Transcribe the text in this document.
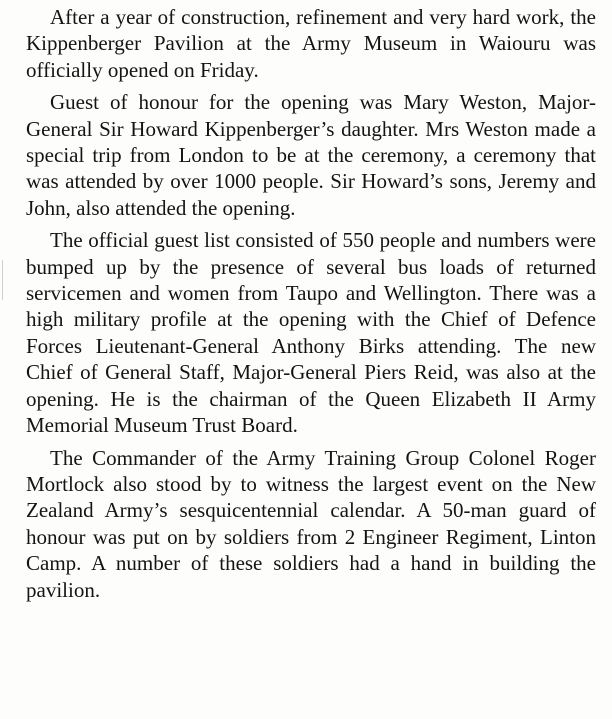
After a year of construction, refinement and very hard work, the Kippenberger Pavilion at the Army Museum in Waiouru was officially opened on Friday.

Guest of honour for the opening was Mary Weston, Major-General Sir Howard Kippenberger’s daughter. Mrs Weston made a special trip from London to be at the ceremony, a ceremony that was attended by over 1000 people. Sir Howard’s sons, Jeremy and John, also attended the opening.

The official guest list consisted of 550 people and numbers were bumped up by the presence of several bus loads of returned servicemen and women from Taupo and Wellington. There was a high military profile at the opening with the Chief of Defence Forces Lieutenant-General Anthony Birks attending. The new Chief of General Staff, Major-General Piers Reid, was also at the opening. He is the chairman of the Queen Elizabeth II Army Memorial Museum Trust Board.

The Commander of the Army Training Group Colonel Roger Mortlock also stood by to witness the largest event on the New Zealand Army’s sesquicentennial calendar. A 50-man guard of honour was put on by soldiers from 2 Engineer Regiment, Linton Camp. A number of these soldiers had a hand in building the pavilion.
